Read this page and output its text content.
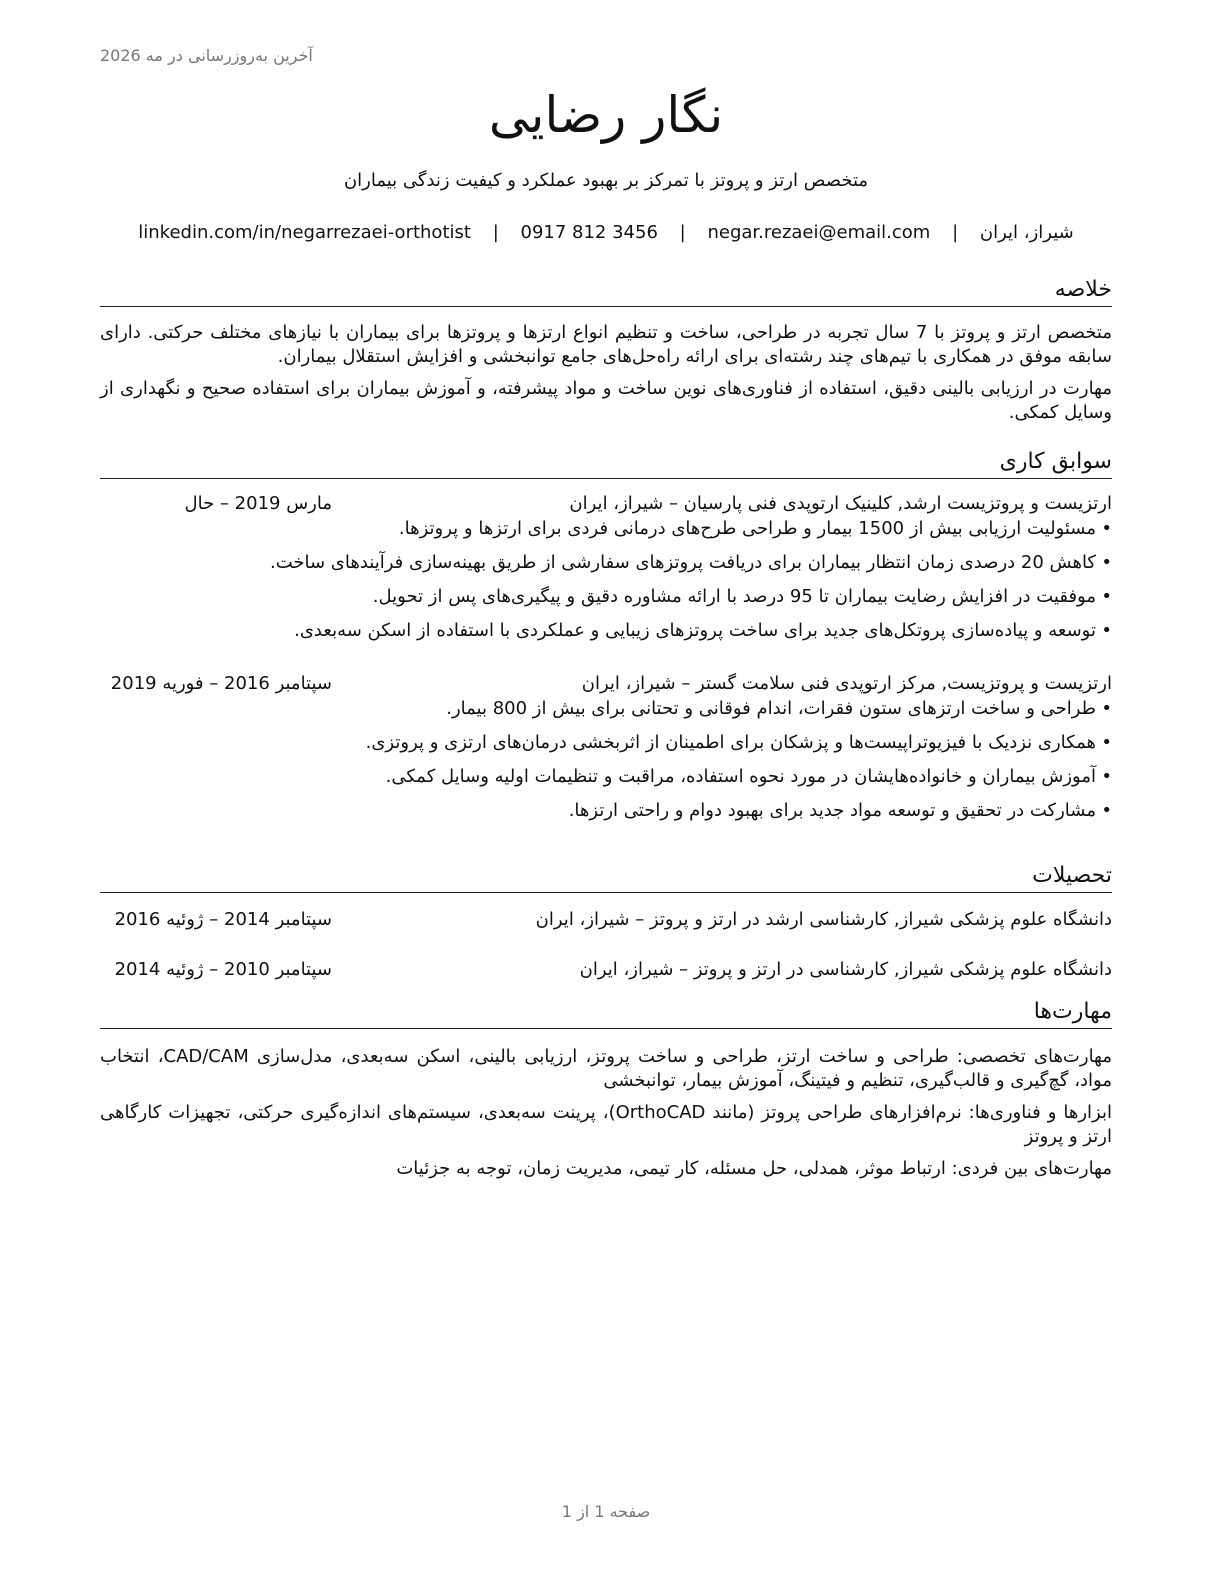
آخرین به‌روزرسانی در مه 2026
نگار رضایی
متخصص ارتز و پروتز با تمرکز بر بهبود عملکرد و کیفیت زندگی بیماران
شیراز، ایران | negar.rezaei@email.com | 0917 812 3456 | linkedin.com/in/negarrezaei-orthotist
خلاصه

متخصص ارتز و پروتز با 7 سال تجربه در طراحی، ساخت و تنظیم انواع ارتزها و پروتزها برای بیماران با نیازهای مختلف حرکتی. دارای سابقه موفق در همکاری با تیم‌های چند رشته‌ای برای ارائه راه‌حل‌های جامع توانبخشی و افزایش استقلال بیماران.

مهارت در ارزیابی بالینی دقیق، استفاده از فناوری‌های نوین ساخت و مواد پیشرفته، و آموزش بیماران برای استفاده صحیح و نگهداری از وسایل کمکی.

سوابق کاری
ارتزیست و پروتزیست ارشد, کلینیک ارتوپدی فنی پارسیان – شیراز، ایران
مارس 2019 – حال
•
مسئولیت ارزیابی بیش از 1500 بیمار و طراحی طرح‌های درمانی فردی برای ارتزها و پروتزها.
•
کاهش 20 درصدی زمان انتظار بیماران برای دریافت پروتزهای سفارشی از طریق بهینه‌سازی فرآیندهای ساخت.
•
موفقیت در افزایش رضایت بیماران تا 95 درصد با ارائه مشاوره دقیق و پیگیری‌های پس از تحویل.
•
توسعه و پیاده‌سازی پروتکل‌های جدید برای ساخت پروتزهای زیبایی و عملکردی با استفاده از اسکن سه‌بعدی.
ارتزیست و پروتزیست, مرکز ارتوپدی فنی سلامت گستر – شیراز، ایران
سپتامبر 2016 – فوریه 2019
•
طراحی و ساخت ارتزهای ستون فقرات، اندام فوقانی و تحتانی برای بیش از 800 بیمار.
•
همکاری نزدیک با فیزیوتراپیست‌ها و پزشکان برای اطمینان از اثربخشی درمان‌های ارتزی و پروتزی.
•
آموزش بیماران و خانواده‌هایشان در مورد نحوه استفاده، مراقبت و تنظیمات اولیه وسایل کمکی.
•
مشارکت در تحقیق و توسعه مواد جدید برای بهبود دوام و راحتی ارتزها.
تحصیلات
دانشگاه علوم پزشکی شیراز, کارشناسی ارشد در ارتز و پروتز – شیراز، ایران
سپتامبر 2014 – ژوئیه 2016
دانشگاه علوم پزشکی شیراز, کارشناسی در ارتز و پروتز – شیراز، ایران
سپتامبر 2010 – ژوئیه 2014
مهارت‌ها

مهارت‌های تخصصی: طراحی و ساخت ارتز، طراحی و ساخت پروتز، ارزیابی بالینی، اسکن سه‌بعدی، مدل‌سازی CAD/CAM، انتخاب مواد، گچ‌گیری و قالب‌گیری، تنظیم و فیتینگ، آموزش بیمار، توانبخشی

ابزارها و فناوری‌ها: نرم‌افزارهای طراحی پروتز (مانند OrthoCAD)، پرینت سه‌بعدی، سیستم‌های اندازه‌گیری حرکتی، تجهیزات کارگاهی ارتز و پروتز

مهارت‌های بین فردی: ارتباط موثر، همدلی، حل مسئله، کار تیمی، مدیریت زمان، توجه به جزئیات

صفحه 1 از 1
